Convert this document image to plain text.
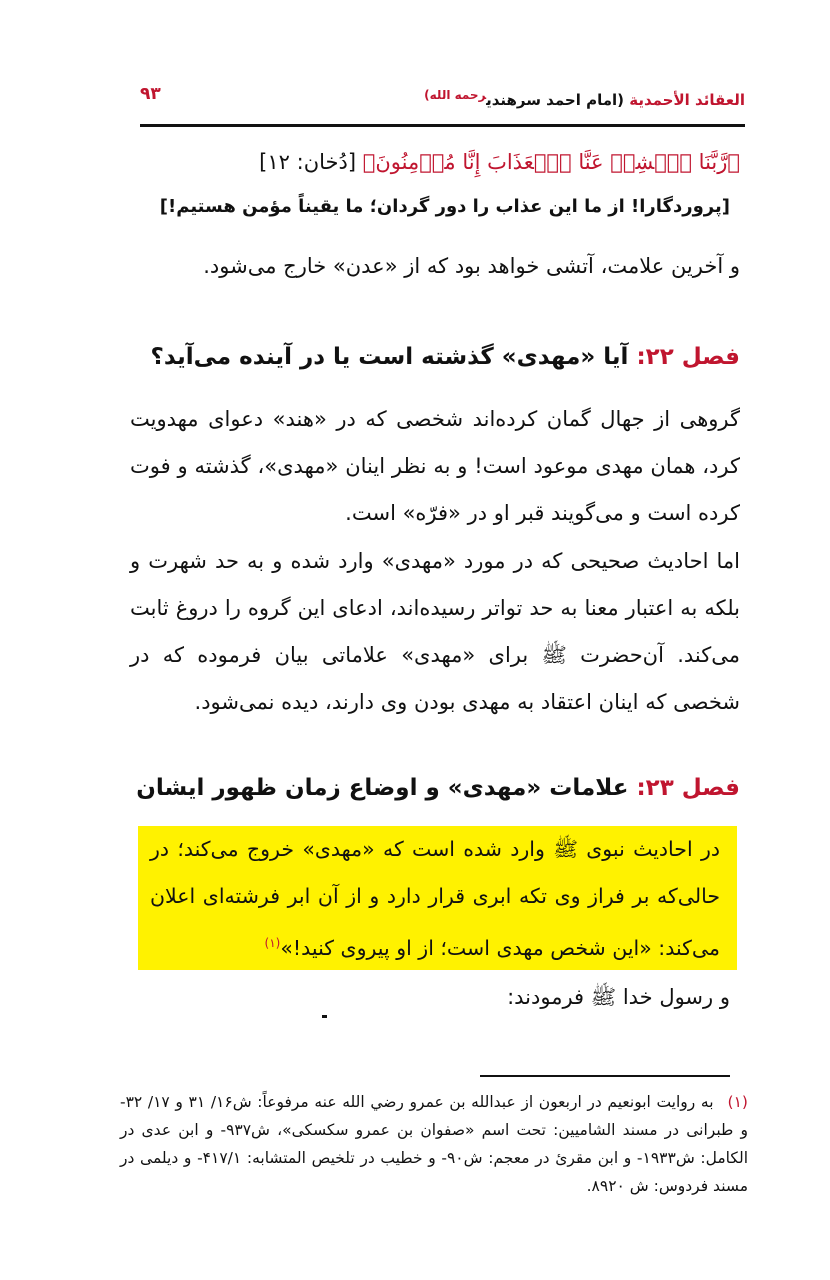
العقائد الأحمدية (امام احمد سرهندی$^{رحمه الله)}$
۹۳
﴿رَّبَّنَا ٱكۡشِفۡ عَنَّا ٱلۡعَذَابَ إِنَّا مُؤۡمِنُونَ﴾ [دُخان: ١٢]
[پروردگارا! از ما این عذاب را دور گردان؛ ما یقیناً مؤمن هستیم!]
و آخرین علامت، آتشی خواهد بود که از «عدن» خارج می‌شود.
فصل ۲۲: آیا «مهدی» گذشته است یا در آینده می‌آید؟
گروهی از جهال گمان کرده‌اند شخصی که در «هند» دعوای مهدویت کرد، همان مهدی موعود است! و به نظر اینان «مهدی»، گذشته و فوت کرده است و می‌گویند قبر او در «فرّه» است.
اما احادیث صحیحی که در مورد «مهدی» وارد شده و به حد شهرت و بلکه به اعتبار معنا به حد تواتر رسیده‌اند، ادعای این گروه را دروغ ثابت می‌کند. آن‌حضرت ﷺ برای «مهدی» علاماتی بیان فرموده که در شخصی که اینان اعتقاد به مهدی بودن وی دارند، دیده نمی‌شود.
فصل ۲۳: علامات «مهدی» و اوضاع زمان ظهور ایشان
و رسول خدا ﷺ فرمودند:
در احادیث نبوی ﷺ وارد شده است که «مهدی» خروج می‌کند؛ در حالی‌که بر فراز وی تکه ابری قرار دارد و از آن ابر فرشته‌ای اعلان می‌کند: «این شخص مهدی است؛ از او پیروی کنید!»$^{(۱)}$
(۱)به روایت ابونعیم در اربعون از عبدالله بن عمرو رضي الله عنه مرفوعاً: ش۱۶/ ۳۱ و ۱۷/ ۳۲- و طبرانی در مسند الشامیین: تحت اسم «صفوان بن عمرو سکسکی»، ش۹۳۷- و ابن عدی در الکامل: ش۱۹۳۳- و ابن مقرئ در معجم: ش۹۰- و خطیب در تلخیص المتشابه: ۴۱۷/۱- و دیلمی در مسند فردوس: ش ۸۹۲۰.
